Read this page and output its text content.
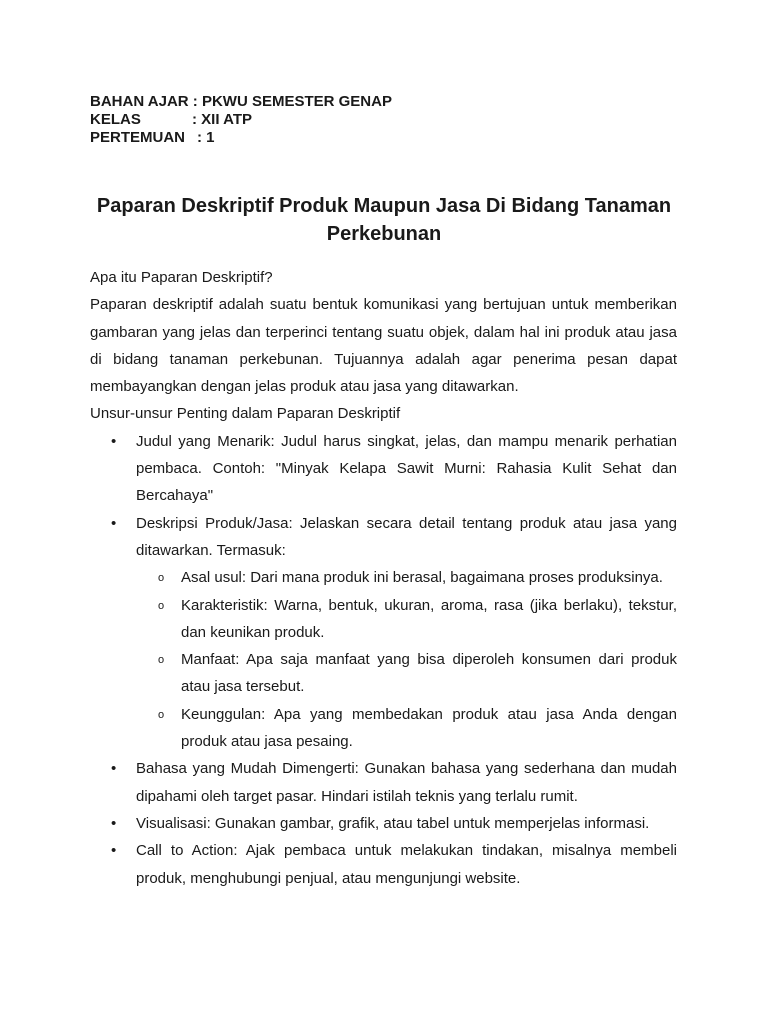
BAHAN AJAR : PKWU SEMESTER GENAP
KELAS	: XII ATP
PERTEMUAN : 1
Paparan Deskriptif Produk Maupun Jasa Di Bidang Tanaman Perkebunan

Apa itu Paparan Deskriptif?

Paparan deskriptif adalah suatu bentuk komunikasi yang bertujuan untuk memberikan gambaran yang jelas dan terperinci tentang suatu objek, dalam hal ini produk atau jasa di bidang tanaman perkebunan. Tujuannya adalah agar penerima pesan dapat membayangkan dengan jelas produk atau jasa yang ditawarkan.

Unsur-unsur Penting dalam Paparan Deskriptif

• Judul yang Menarik: Judul harus singkat, jelas, dan mampu menarik perhatian pembaca. Contoh: "Minyak Kelapa Sawit Murni: Rahasia Kulit Sehat dan Bercahaya"
• Deskripsi Produk/Jasa: Jelaskan secara detail tentang produk atau jasa yang ditawarkan. Termasuk:
o Asal usul: Dari mana produk ini berasal, bagaimana proses produksinya.
o Karakteristik: Warna, bentuk, ukuran, aroma, rasa (jika berlaku), tekstur, dan keunikan produk.
o Manfaat: Apa saja manfaat yang bisa diperoleh konsumen dari produk atau jasa tersebut.
o Keunggulan: Apa yang membedakan produk atau jasa Anda dengan produk atau jasa pesaing.
• Bahasa yang Mudah Dimengerti: Gunakan bahasa yang sederhana dan mudah dipahami oleh target pasar. Hindari istilah teknis yang terlalu rumit.
• Visualisasi: Gunakan gambar, grafik, atau tabel untuk memperjelas informasi.
• Call to Action: Ajak pembaca untuk melakukan tindakan, misalnya membeli produk, menghubungi penjual, atau mengunjungi website.
